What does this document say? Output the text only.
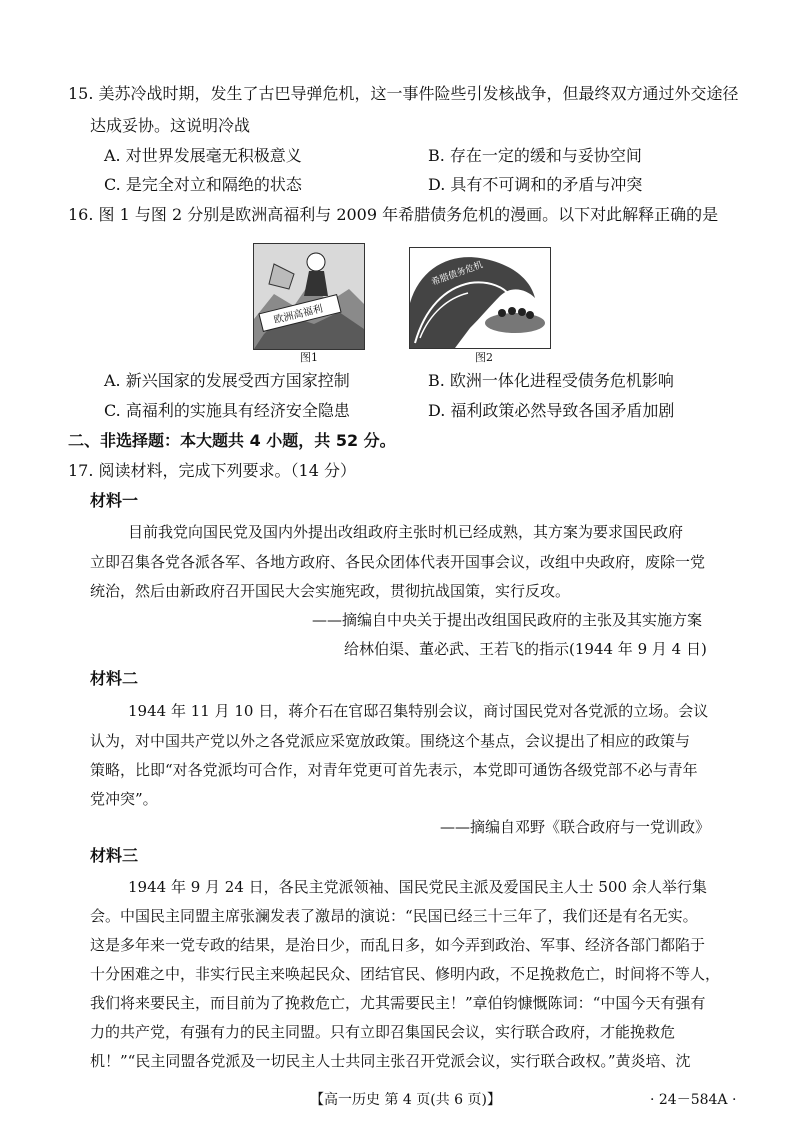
15. 美苏冷战时期，发生了古巴导弹危机，这一事件险些引发核战争，但最终双方通过外交途径
达成妥协。这说明冷战
A. 对世界发展毫无积极意义	B. 存在一定的缓和与妥协空间
C. 是完全对立和隔绝的状态	D. 具有不可调和的矛盾与冲突
16. 图 1 与图 2 分别是欧洲高福利与 2009 年希腊债务危机的漫画。以下对此解释正确的是
欧洲高福利
图1
希腊债务危机
图2
A. 新兴国家的发展受西方国家控制	B. 欧洲一体化进程受债务危机影响
C. 高福利的实施具有经济安全隐患	D. 福利政策必然导致各国矛盾加剧
二、非选择题：本大题共 4 小题，共 52 分。
17. 阅读材料，完成下列要求。（14 分）
材料一
目前我党向国民党及国内外提出改组政府主张时机已经成熟，其方案为要求国民政府
立即召集各党各派各军、各地方政府、各民众团体代表开国事会议，改组中央政府，废除一党
统治，然后由新政府召开国民大会实施宪政，贯彻抗战国策，实行反攻。
——摘编自中央关于提出改组国民政府的主张及其实施方案
给林伯渠、董必武、王若飞的指示(1944 年 9 月 4 日)
材料二
1944 年 11 月 10 日，蒋介石在官邸召集特别会议，商讨国民党对各党派的立场。会议
认为，对中国共产党以外之各党派应采宽放政策。围绕这个基点，会议提出了相应的政策与
策略，比即“对各党派均可合作，对青年党更可首先表示，本党即可通饬各级党部不必与青年
党冲突”。
——摘编自邓野《联合政府与一党训政》
材料三
1944 年 9 月 24 日，各民主党派领袖、国民党民主派及爱国民主人士 500 余人举行集
会。中国民主同盟主席张澜发表了激昂的演说：“民国已经三十三年了，我们还是有名无实。
这是多年来一党专政的结果，是治日少，而乱日多，如今弄到政治、军事、经济各部门都陷于
十分困难之中，非实行民主来唤起民众、团结官民、修明内政，不足挽救危亡，时间将不等人，
我们将来要民主，而目前为了挽救危亡，尤其需要民主！”章伯钧慷慨陈词：“中国今天有强有
力的共产党，有强有力的民主同盟。只有立即召集国民会议，实行联合政府，才能挽救危
机！”“民主同盟各党派及一切民主人士共同主张召开党派会议，实行联合政权。”黄炎培、沈
【高一历史 第 4 页(共 6 页)】	· 24－584A ·
